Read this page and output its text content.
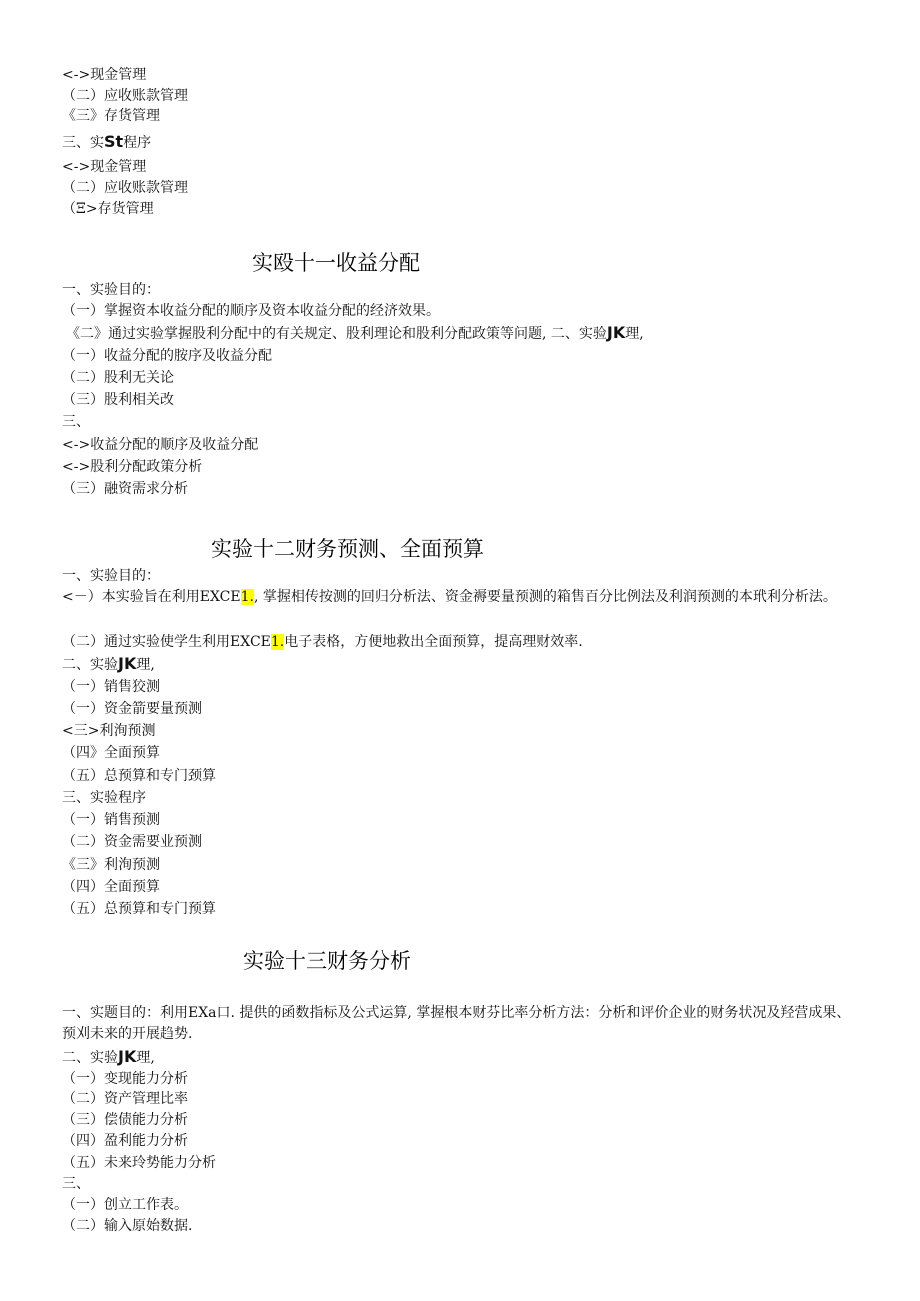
<->现金管理
（二）应收账款管理
《三》存货管理
三、实St程序
<->现金管理
（二）应收账款管理
（Ξ>存货管理
实殴十一收益分配
一、实验目的：
（一）掌握资本收益分配的顺序及资本收益分配的经济效果。
《二》通过实验掌握股利分配中的有关规定、股利理论和股利分配政策等问题, 二、实验JK理,
（一）收益分配的胺序及收益分配
（二）股利无关论
（三）股利相关改
三、
<->收益分配的顺序及收益分配
<->股利分配政策分析
（三）融资需求分析
实验十二财务预测、全面预算
一、实验目的：
<－）本实验旨在利用EXCE1., 掌握相传按测的回归分析法、资金褥要量预测的箱售百分比例法及利润预测的本玳利分析法。
（二）通过实验使学生利用EXCE1.电子表格，方便地救出全面预算，提高理财效率.
二、实验JK理,
（一）销售狡测
（一）资金箭要量预测
<三>利洵预测
（四》全面预算
（五）总预算和专门颈算
三、实验程序
（一）销售预测
（二）资金需要业预测
《三》利洵预测
（四）全面预算
（五）总预算和专门预算
实验十三财务分析
一、实题目的：利用EXa口. 提供的函数指标及公式运算, 掌握根本财芬比率分析方法：分析和评价企业的财务状况及羟营成果、预刈未来的开展趋势.
二、实验JK理,
（一）变现能力分析
（二）资产管理比率
（三）偿债能力分析
（四）盈利能力分析
（五）未来玲势能力分析
三、
（一）创立工作表。
（二）输入原始数据.
